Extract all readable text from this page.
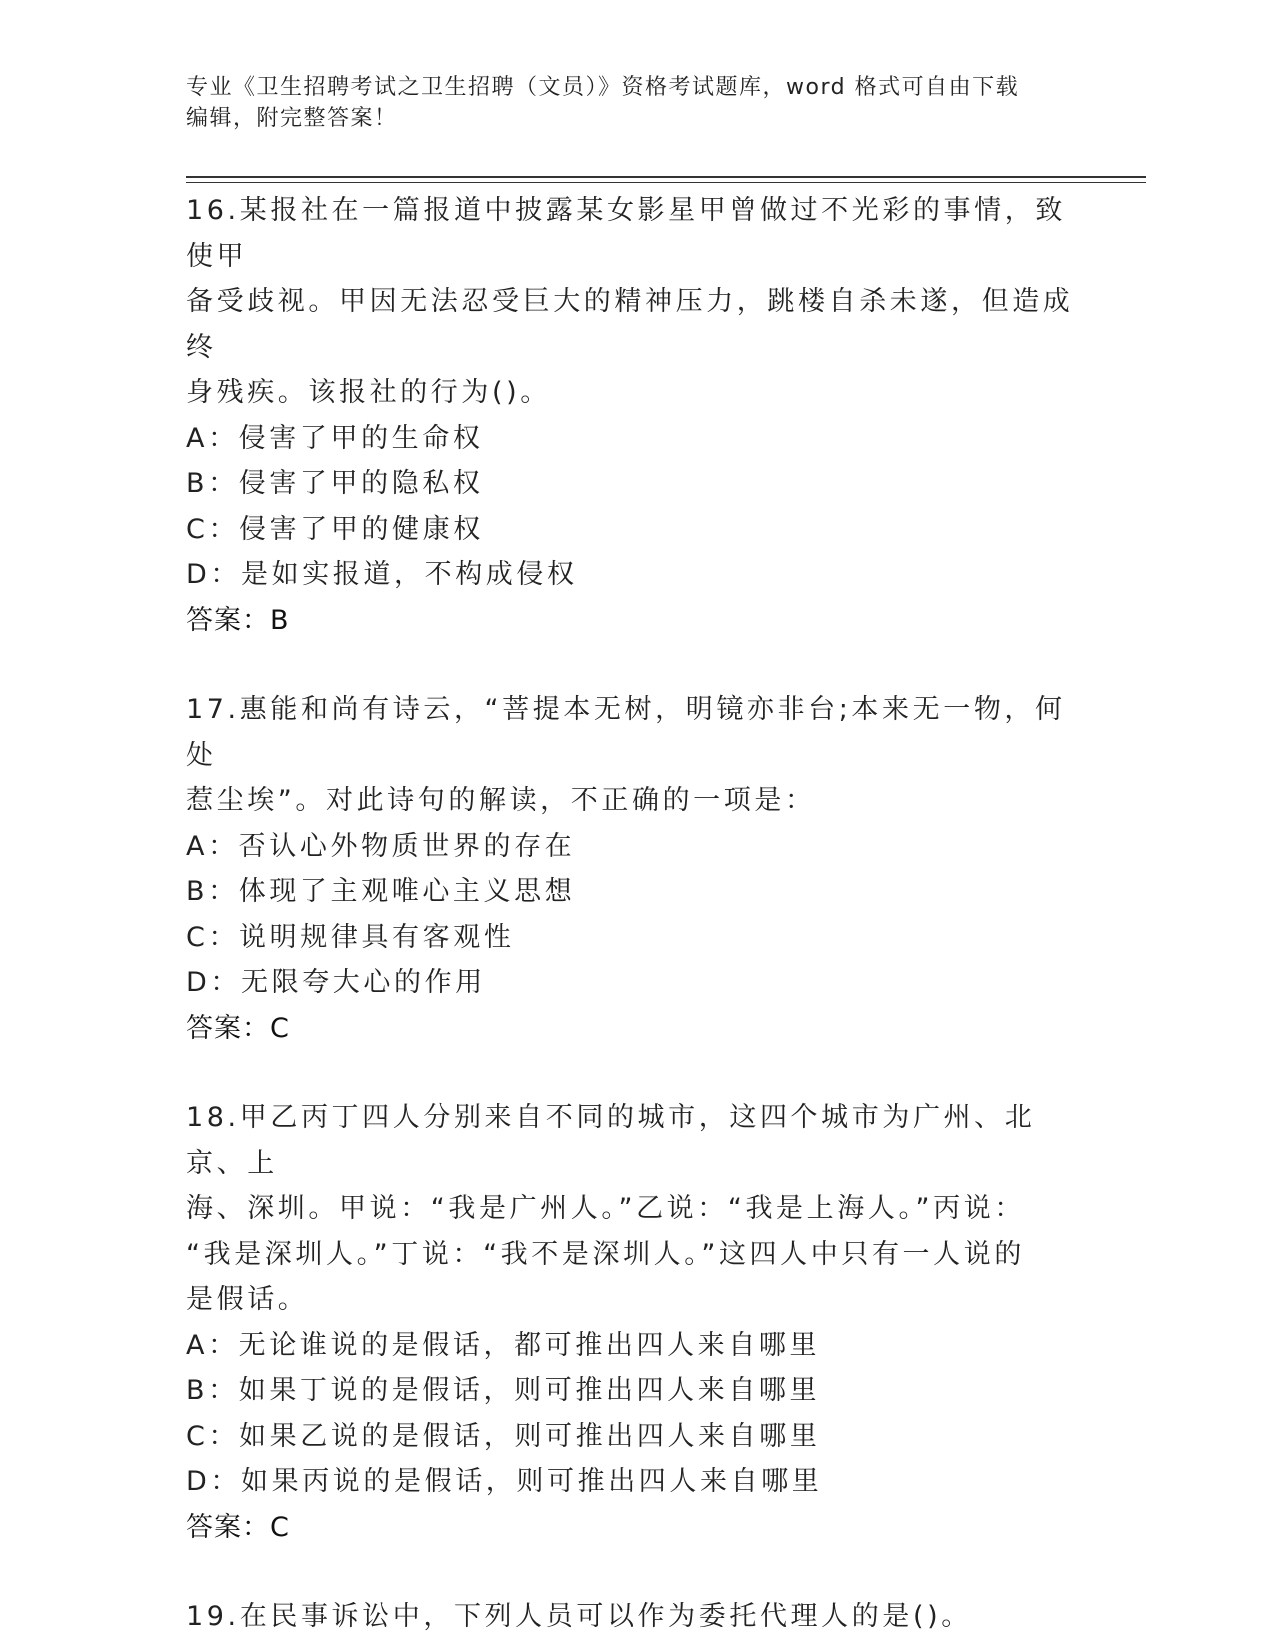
专业《卫生招聘考试之卫生招聘（文员）》资格考试题库，word 格式可自由下载
编辑，附完整答案！

16.某报社在一篇报道中披露某女影星甲曾做过不光彩的事情，致使甲

备受歧视。甲因无法忍受巨大的精神压力，跳楼自杀未遂，但造成终

身残疾。该报社的行为()。

A：侵害了甲的生命权

B：侵害了甲的隐私权

C：侵害了甲的健康权

D：是如实报道，不构成侵权

答案：B

17.惠能和尚有诗云，“菩提本无树，明镜亦非台;本来无一物，何处

惹尘埃”。对此诗句的解读，不正确的一项是：

A：否认心外物质世界的存在

B：体现了主观唯心主义思想

C：说明规律具有客观性

D：无限夸大心的作用

答案：C

18.甲乙丙丁四人分别来自不同的城市，这四个城市为广州、北京、上

海、深圳。甲说：“我是广州人。”乙说：“我是上海人。”丙说：

“我是深圳人。”丁说：“我不是深圳人。”这四人中只有一人说的

是假话。

A：无论谁说的是假话，都可推出四人来自哪里

B：如果丁说的是假话，则可推出四人来自哪里

C：如果乙说的是假话，则可推出四人来自哪里

D：如果丙说的是假话，则可推出四人来自哪里

答案：C

19.在民事诉讼中，下列人员可以作为委托代理人的是()。
